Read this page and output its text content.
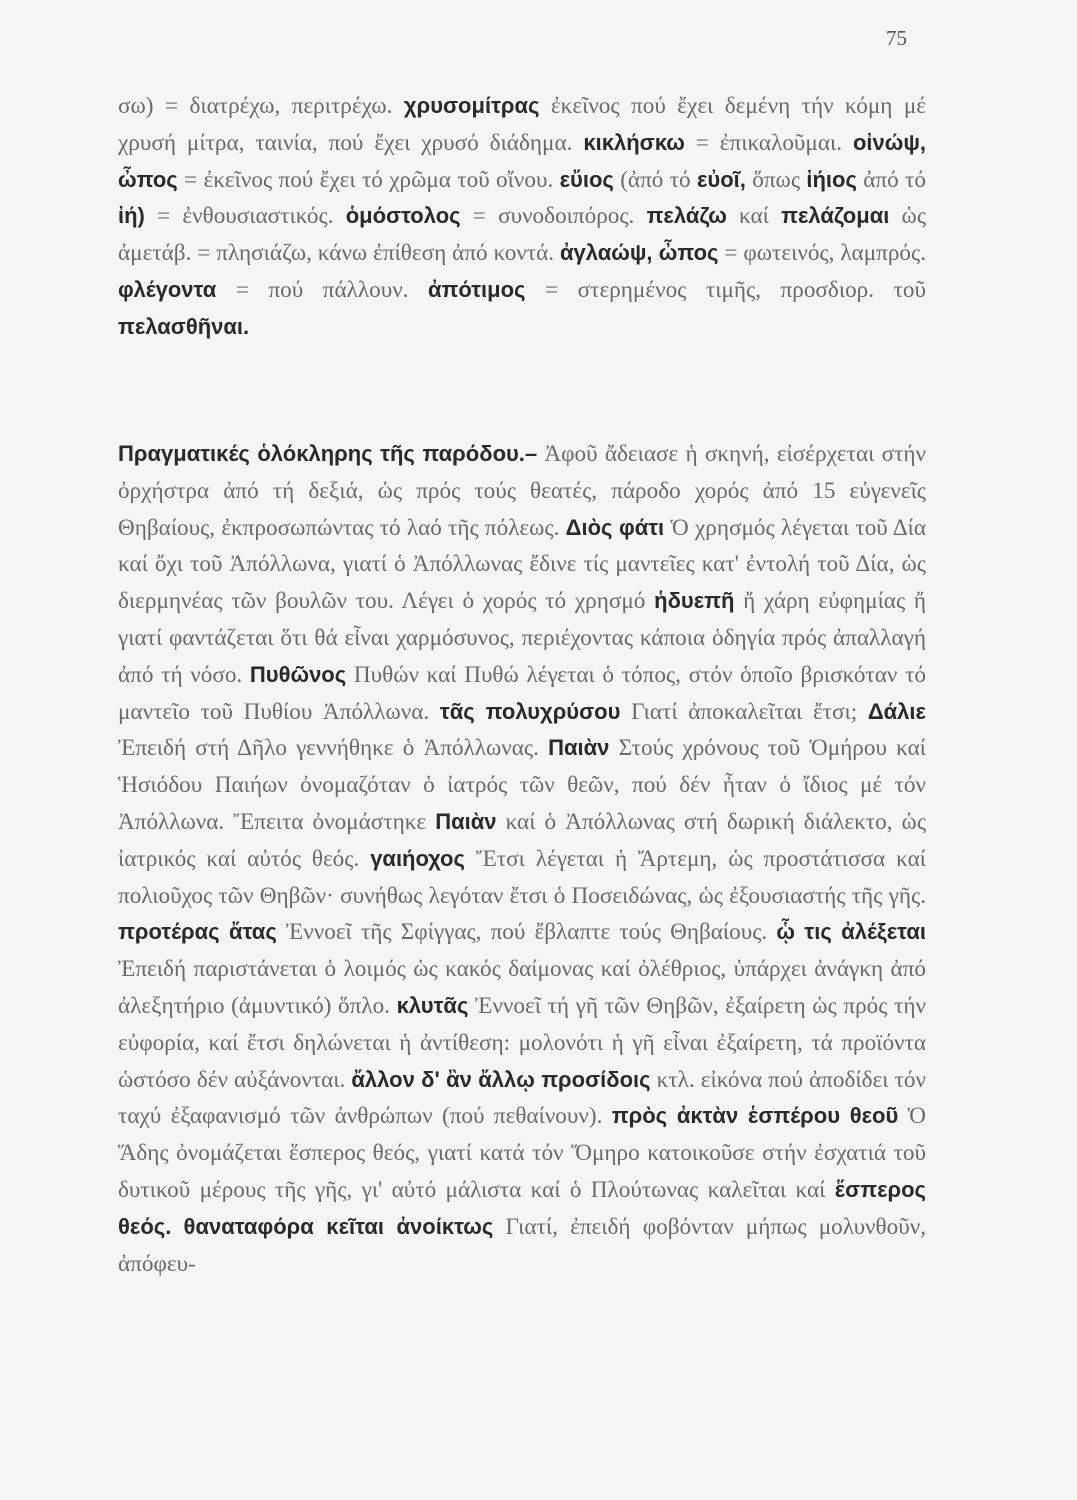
75

σω) = διατρέχω, περιτρέχω. χρυσομίτρας ἐκεῖνος πού ἔχει δεμένη τήν κόμη μέ χρυσή μίτρα, ταινία, πού ἔχει χρυσό διάδημα. κικλήσκω = ἐπικαλοῦμαι. οἰνώψ, ὦπος = ἐκεῖνος πού ἔχει τό χρῶμα τοῦ οἴνου. εὔιος (ἀπό τό εὐοῖ, ὅπως ἰήιος ἀπό τό ἰή) = ἐνθουσιαστικός. ὁμόστολος = συνοδοιπόρος. πελάζω καί πελάζομαι ὡς ἀμετάβ. = πλησιάζω, κάνω ἐπίθεση ἀπό κοντά. ἀγλαώψ, ὦπος = φωτεινός, λαμπρός. φλέγοντα = πού πάλλουν. ἀπότιμος = στερημένος τιμῆς, προσδιορ. τοῦ πελασθῆναι.

Πραγματικές ὁλόκληρης τῆς παρόδου.– Ἀφοῦ ἄδειασε ἡ σκηνή, εἰσέρχεται στήν ὀρχήστρα ἀπό τή δεξιά, ὡς πρός τούς θεατές, πάροδο χορός ἀπό 15 εὐγενεῖς Θηβαίους, ἐκπροσωπώντας τό λαό τῆς πόλεως. Διὸς φάτι Ὁ χρησμός λέγεται τοῦ Δία καί ὄχι τοῦ Ἀπόλλωνα, γιατί ὁ Ἀπόλλωνας ἔδινε τίς μαντεῖες κατ' ἐντολή τοῦ Δία, ὡς διερμηνέας τῶν βουλῶν του. Λέγει ὁ χορός τό χρησμό ἡδυεπῆ ἤ χάρη εὐφημίας ἤ γιατί φαντάζεται ὅτι θά εἶναι χαρμόσυνος, περιέχοντας κάποια ὁδηγία πρός ἀπαλλαγή ἀπό τή νόσο. Πυθῶνος Πυθών καί Πυθώ λέγεται ὁ τόπος, στόν ὁποῖο βρισκόταν τό μαντεῖο τοῦ Πυθίου Ἀπόλλωνα. τᾶς πολυχρύσου Γιατί ἀποκαλεῖται ἔτσι; Δάλιε Ἐπειδή στή Δῆλο γεννήθηκε ὁ Ἀπόλλωνας. Παιὰν Στούς χρόνους τοῦ Ὁμήρου καί Ἡσιόδου Παιήων ὀνομαζόταν ὁ ἰατρός τῶν θεῶν, πού δέν ἦταν ὁ ἴδιος μέ τόν Ἀπόλλωνα. Ἔπειτα ὀνομάστηκε Παιὰν καί ὁ Ἀπόλλωνας στή δωρική διάλεκτο, ὡς ἰατρικός καί αὐτός θεός. γαιήοχος Ἔτσι λέγεται ἡ Ἄρτεμη, ὡς προστάτισσα καί πολιοῦχος τῶν Θηβῶν· συνήθως λεγόταν ἔτσι ὁ Ποσειδώνας, ὡς ἐξουσιαστής τῆς γῆς. προτέρας ἄτας Ἐννοεῖ τῆς Σφίγγας, πού ἔβλαπτε τούς Θηβαίους. ᾧ τις ἀλέξεται Ἐπειδή παριστάνεται ὁ λοιμός ὡς κακός δαίμονας καί ὀλέθριος, ὑπάρχει ἀνάγκη ἀπό ἀλεξητήριο (ἀμυντικό) ὅπλο. κλυτᾶς Ἐννοεῖ τή γῆ τῶν Θηβῶν, ἐξαίρετη ὡς πρός τήν εὐφορία, καί ἔτσι δηλώνεται ἡ ἀντίθεση: μολονότι ἡ γῆ εἶναι ἐξαίρετη, τά προϊόντα ὡστόσο δέν αὐξάνονται. ἄλλον δ' ἂν ἄλλῳ προσίδοις κτλ. εἰκόνα πού ἀποδίδει τόν ταχύ ἐξαφανισμό τῶν ἀνθρώπων (πού πεθαίνουν). πρὸς ἀκτὰν ἑσπέρου θεοῦ Ὁ Ἅδης ὀνομάζεται ἕσπερος θεός, γιατί κατά τόν Ὅμηρο κατοικοῦσε στήν ἐσχατιά τοῦ δυτικοῦ μέρους τῆς γῆς, γι' αὐτό μάλιστα καί ὁ Πλούτωνας καλεῖται καί ἕσπερος θεός. θαναταφόρα κεῖται ἀνοίκτως Γιατί, ἐπειδή φοβόνταν μήπως μολυνθοῦν, ἀπόφευ-
